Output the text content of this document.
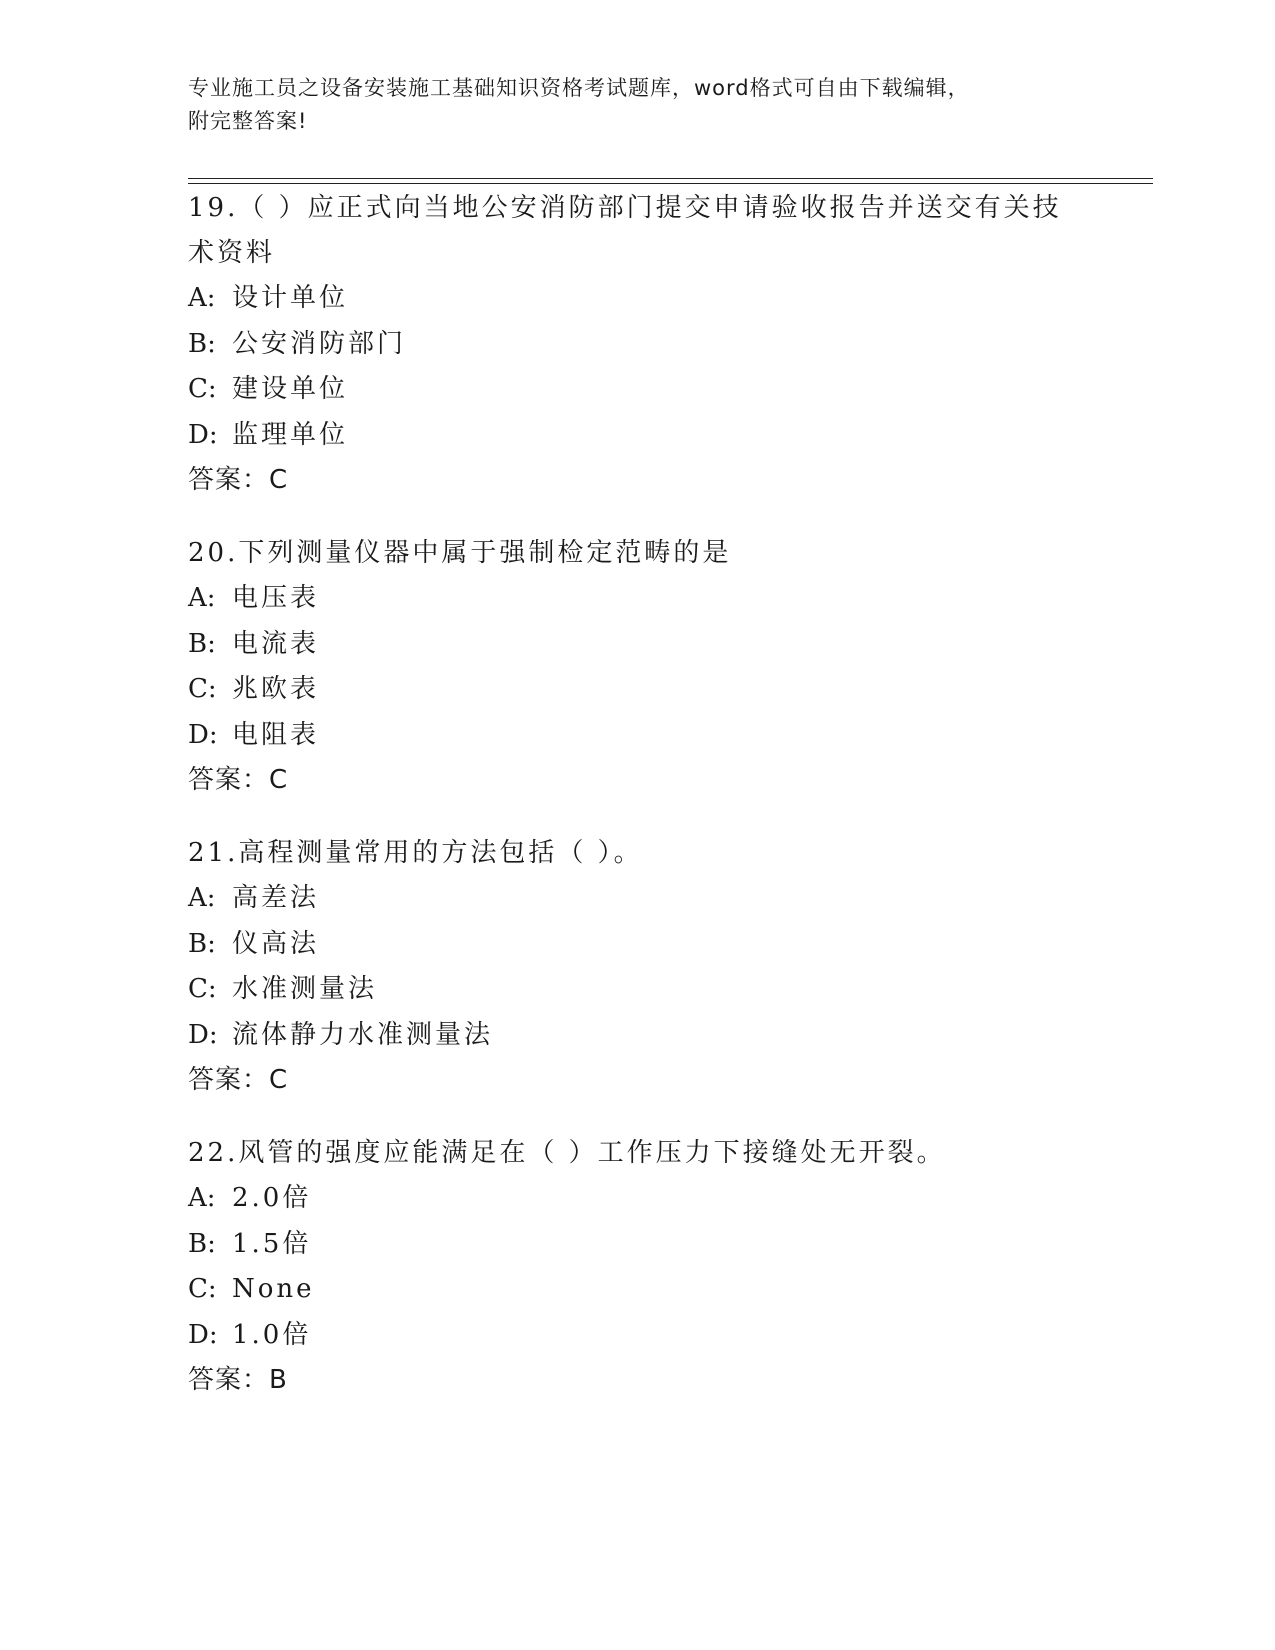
专业施工员之设备安装施工基础知识资格考试题库，word格式可自由下载编辑，
附完整答案!
19.（ ）应正式向当地公安消防部门提交申请验收报告并送交有关技术资料
A: 设计单位
B: 公安消防部门
C: 建设单位
D: 监理单位
答案：C
20.下列测量仪器中属于强制检定范畴的是
A: 电压表
B: 电流表
C: 兆欧表
D: 电阻表
答案：C
21.高程测量常用的方法包括（ ）。
A: 高差法
B: 仪高法
C: 水准测量法
D: 流体静力水准测量法
答案：C
22.风管的强度应能满足在（ ）工作压力下接缝处无开裂。
A: 2.0倍
B: 1.5倍
C: None
D: 1.0倍
答案：B
